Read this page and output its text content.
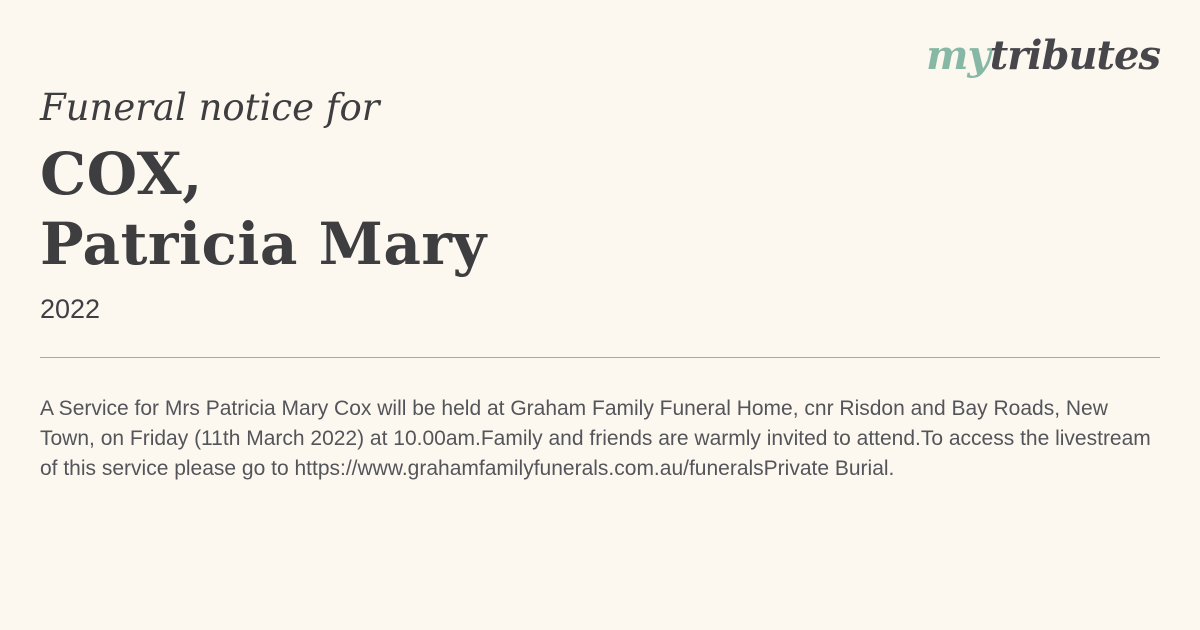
mytributes
Funeral notice for
COX,
Patricia Mary
2022

A Service for Mrs Patricia Mary Cox will be held at Graham Family Funeral Home, cnr Risdon and Bay Roads, New Town, on Friday (11th March 2022) at 10.00am.Family and friends are warmly invited to attend.To access the livestream of this service please go to https://www.grahamfamilyfunerals.com.au/funeralsPrivate Burial.
